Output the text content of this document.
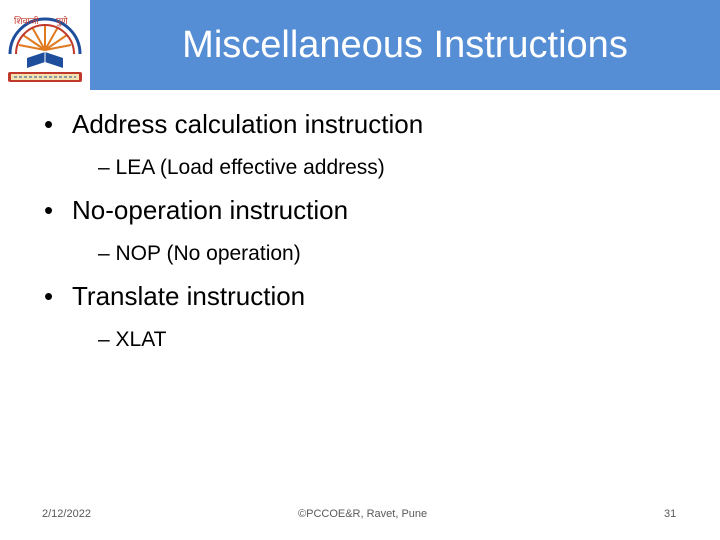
शिवाजी पुणे
Miscellaneous Instructions
• Address calculation instruction
– LEA (Load effective address)
• No-operation instruction
– NOP (No operation)
• Translate instruction
– XLAT
2/12/2022	©PCCOE&R, Ravet, Pune	31
